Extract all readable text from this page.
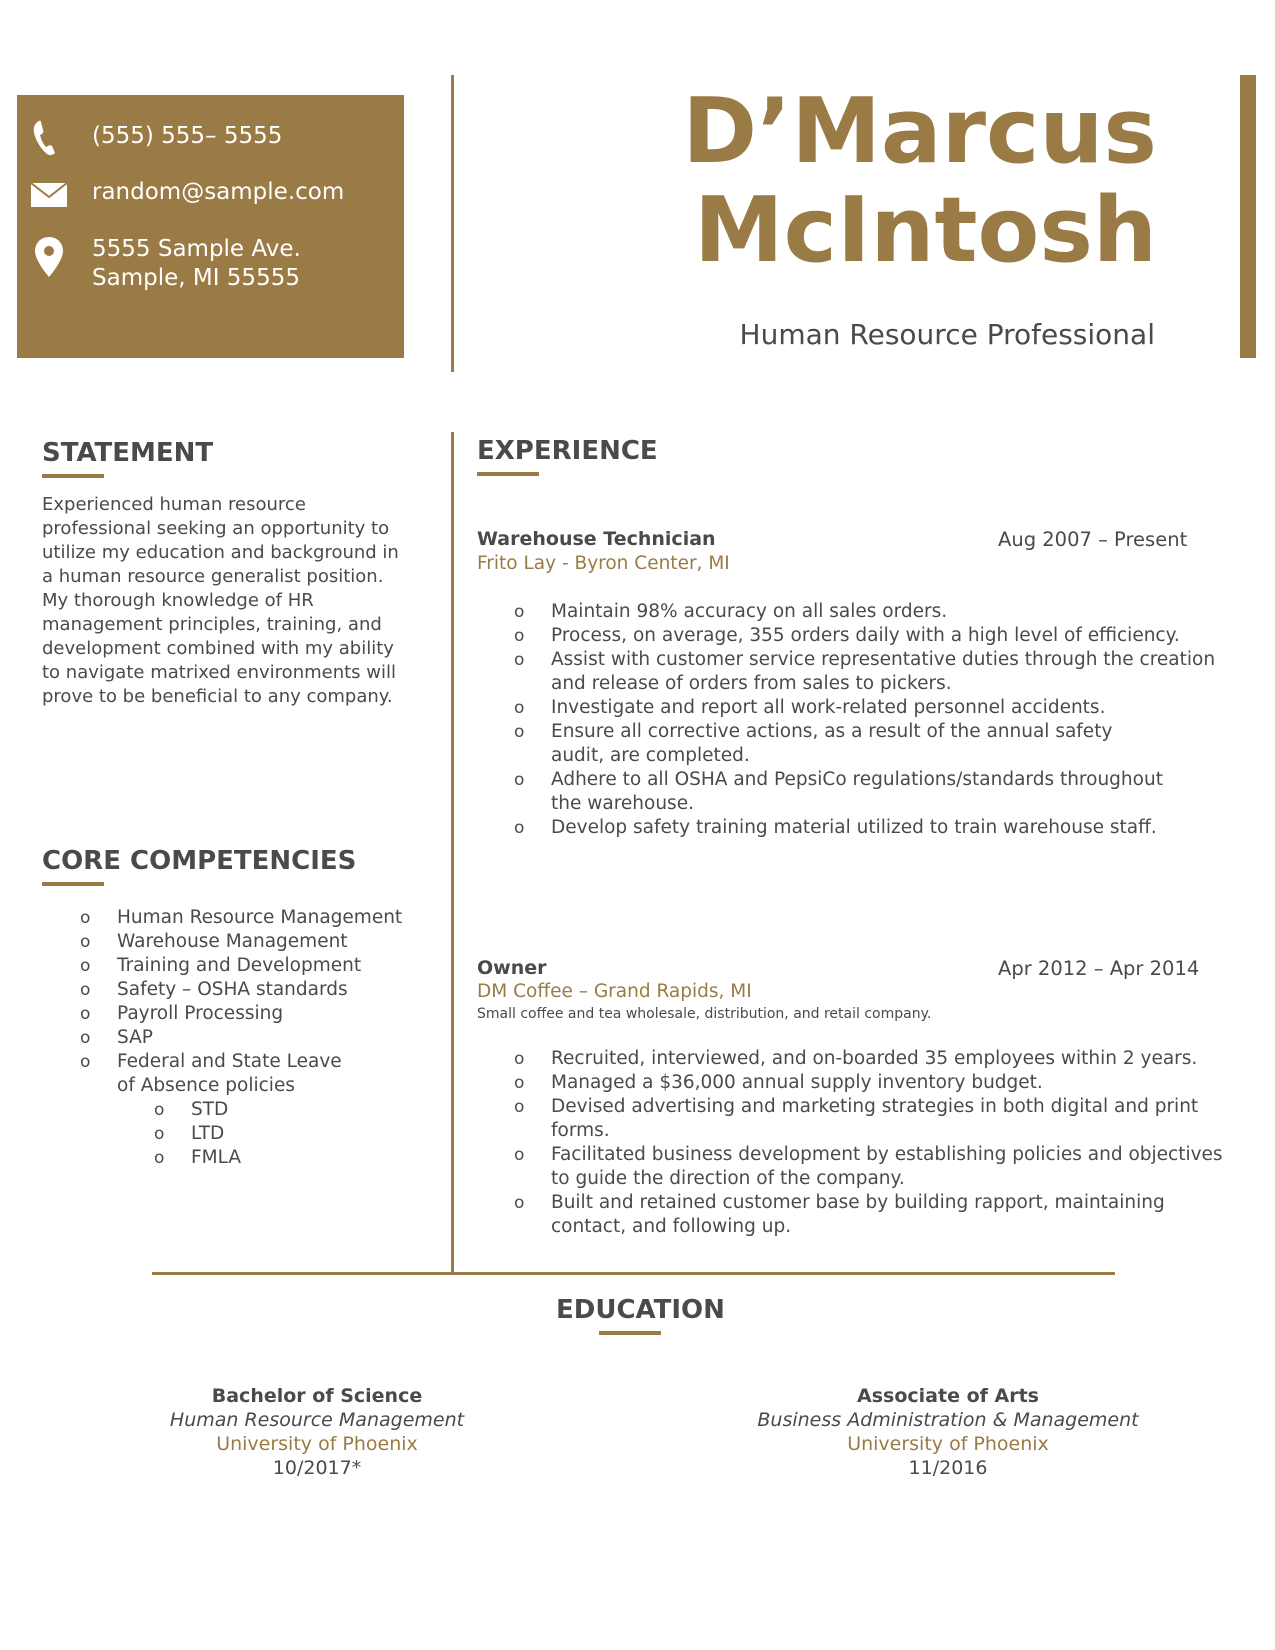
(555) 555– 5555
random@sample.com
5555 Sample Ave.
Sample, MI 55555
D’Marcus
McIntosh
Human Resource Professional
STATEMENT
Experienced human resource professional seeking an opportunity to utilize my education and background in a human resource generalist position. My thorough knowledge of HR management principles, training, and development combined with my ability to navigate matrixed environments will prove to be beneficial to any company.
CORE COMPETENCIES
o Human Resource Management
o Warehouse Management
o Training and Development
o Safety – OSHA standards
o Payroll Processing
o SAP
o Federal and State Leave of Absence policies
o STD
o LTD
o FMLA
EXPERIENCE
Warehouse Technician
Frito Lay - Byron Center, MI
Aug 2007 – Present
o Maintain 98% accuracy on all sales orders.
o Process, on average, 355 orders daily with a high level of efficiency.
o Assist with customer service representative duties through the creation and release of orders from sales to pickers.
o Investigate and report all work-related personnel accidents.
o Ensure all corrective actions, as a result of the annual safety audit, are completed.
o Adhere to all OSHA and PepsiCo regulations/standards throughout the warehouse.
o Develop safety training material utilized to train warehouse staff.
Owner
DM Coffee – Grand Rapids, MI
Small coffee and tea wholesale, distribution, and retail company.
Apr 2012 – Apr 2014
o Recruited, interviewed, and on-boarded 35 employees within 2 years.
o Managed a $36,000 annual supply inventory budget.
o Devised advertising and marketing strategies in both digital and print forms.
o Facilitated business development by establishing policies and objectives to guide the direction of the company.
o Built and retained customer base by building rapport, maintaining contact, and following up.
EDUCATION
Bachelor of Science
Human Resource Management
University of Phoenix
10/2017*
Associate of Arts
Business Administration & Management
University of Phoenix
11/2016
